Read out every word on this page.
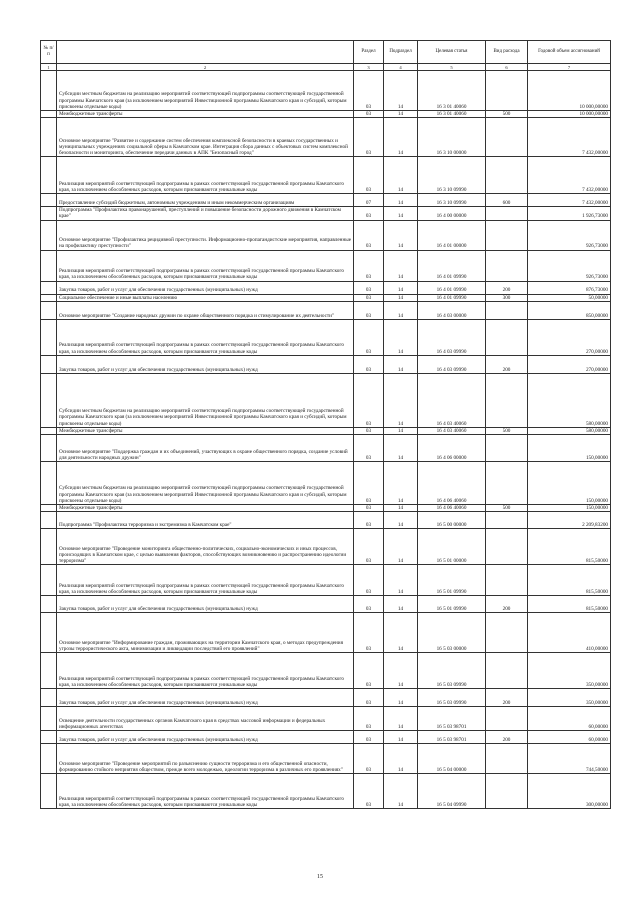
№ п/п		Раздел	Подраздел	Целевая статья	Вид расхода	Годовой объем ассигнований
1	2	3	4	5	6	7
	Субсидии местным бюджетам на реализацию мероприятий соответствующей подпрограммы соответствующей государственной программы Камчатского края (за исключением мероприятий Инвестиционной программы Камчатского края и субсидий, которым присвоены отдельные коды)	03	14	16 3 01 40060		10 000,00000
	Межбюджетные трансферты	03	14	16 3 01 40060	500	10 000,00000
	Основное мероприятие "Развитие и содержание систем обеспечения комплексной безопасности в краевых государственных и муниципальных учреждениях социальной сферы в Камчатском крае. Интеграция сбора данных с объектовых систем комплексной безопасности и мониторинга, обеспечение передачи данных в АПК "Безопасный город"	03	14	16 3 10 00000		7 432,00000
	Реализация мероприятий соответствующей подпрограммы в рамках соответствующей государственной программы Камчатского края, за исключением обособленных расходов, которым присваиваются уникальные коды	03	14	16 3 10 09990		7 432,00000
	Предоставление субсидий бюджетным, автономным учреждениям и иным некоммерческим организациям	07	14	16 3 10 09990	600	7 432,00000
	Подпрограмма "Профилактика правонарушений, преступлений и повышение безопасности дорожного движения в Камчатском крае"	03	14	16 4 00 00000		1 926,73000
	Основное мероприятие "Профилактика рецидивной преступности. Информационно-пропагандистские мероприятия, направленные на профилактику преступности"	03	14	16 4 01 00000		926,73000
	Реализация мероприятий соответствующей подпрограммы в рамках соответствующей государственной программы Камчатского края, за исключением обособленных расходов, которым присваиваются уникальные коды	03	14	16 4 01 09990		926,73000
	Закупка товаров, работ и услуг для обеспечения государственных (муниципальных) нужд	03	14	16 4 01 09990	200	876,73000
	Социальное обеспечение и иные выплаты населению	03	14	16 4 01 09990	300	50,00000
	Основное мероприятие "Создание народных дружин по охране общественного порядка и стимулирование их деятельности"	03	14	16 4 03 00000		850,00000
	Реализация мероприятий соответствующей подпрограммы в рамках соответствующей государственной программы Камчатского края, за исключением обособленных расходов, которым присваиваются уникальные коды	03	14	16 4 03 09990		270,00000
	Закупка товаров, работ и услуг для обеспечения государственных (муниципальных) нужд	03	14	16 4 03 09990	200	270,00000
	Субсидии местным бюджетам на реализацию мероприятий соответствующей подпрограммы соответствующей государственной программы Камчатского края (за исключением мероприятий Инвестиционной программы Камчатского края и субсидий, которым присвоены отдельные коды)	03	14	16 4 03 40060		580,00000
	Межбюджетные трансферты	03	14	16 4 03 40060	500	580,00000
	Основное мероприятие "Поддержка граждан и их объединений, участвующих в охране общественного порядка, создание условий для деятельности народных дружин"	03	14	16 4 06 00000		150,00000
	Субсидии местным бюджетам на реализацию мероприятий соответствующей подпрограммы соответствующей государственной программы Камчатского края (за исключением мероприятий Инвестиционной программы Камчатского края и субсидий, которым присвоены отдельные коды)	03	14	16 4 06 40060		150,00000
	Межбюджетные трансферты	03	14	16 4 06 40060	500	150,00000
	Подпрограмма "Профилактика терроризма и экстремизма в Камчатском крае"	03	14	16 5 00 00000		2 209,83200
	Основное мероприятие "Проведение мониторинга общественно-политических, социально-экономических и иных процессов, происходящих в Камчатском крае, с целью выявления факторов, способствующих возникновению и распространению идеологии терроризма"	03	14	16 5 01 00000		815,50000
	Реализация мероприятий соответствующей подпрограммы в рамках соответствующей государственной программы Камчатского края, за исключением обособленных расходов, которым присваиваются уникальные коды	03	14	16 5 01 09990		815,50000
	Закупка товаров, работ и услуг для обеспечения государственных (муниципальных) нужд	03	14	16 5 01 09990	200	815,50000
	Основное мероприятие "Информирование граждан, проживающих на территории Камчатского края, о методах предупреждения угрозы террористического акта, минимизации и ликвидации последствий его проявлений"	03	14	16 5 03 00000		410,00000
	Реализация мероприятий соответствующей подпрограммы в рамках соответствующей государственной программы Камчатского края, за исключением обособленных расходов, которым присваиваются уникальные коды	03	14	16 5 03 09990		350,00000
	Закупка товаров, работ и услуг для обеспечения государственных (муниципальных) нужд	03	14	16 5 03 09990	200	350,00000
	Освещение деятельности государственных органов Камчатского края в средствах массовой информации и федеральных информационных агентствах	03	14	16 5 03 98701		60,00000
	Закупка товаров, работ и услуг для обеспечения государственных (муниципальных) нужд	03	14	16 5 03 98701	200	60,00000
	Основное мероприятие "Проведение мероприятий по разъяснению сущности терроризма и его общественной опасности, формированию стойкого неприятия обществом, прежде всего молодежью, идеологии терроризма в различных его проявлениях"	03	14	16 5 04 00000		744,50000
	Реализация мероприятий соответствующей подпрограммы в рамках соответствующей государственной программы Камчатского края, за исключением обособленных расходов, которым присваиваются уникальные коды	03	14	16 5 04 09990		300,00000
15
